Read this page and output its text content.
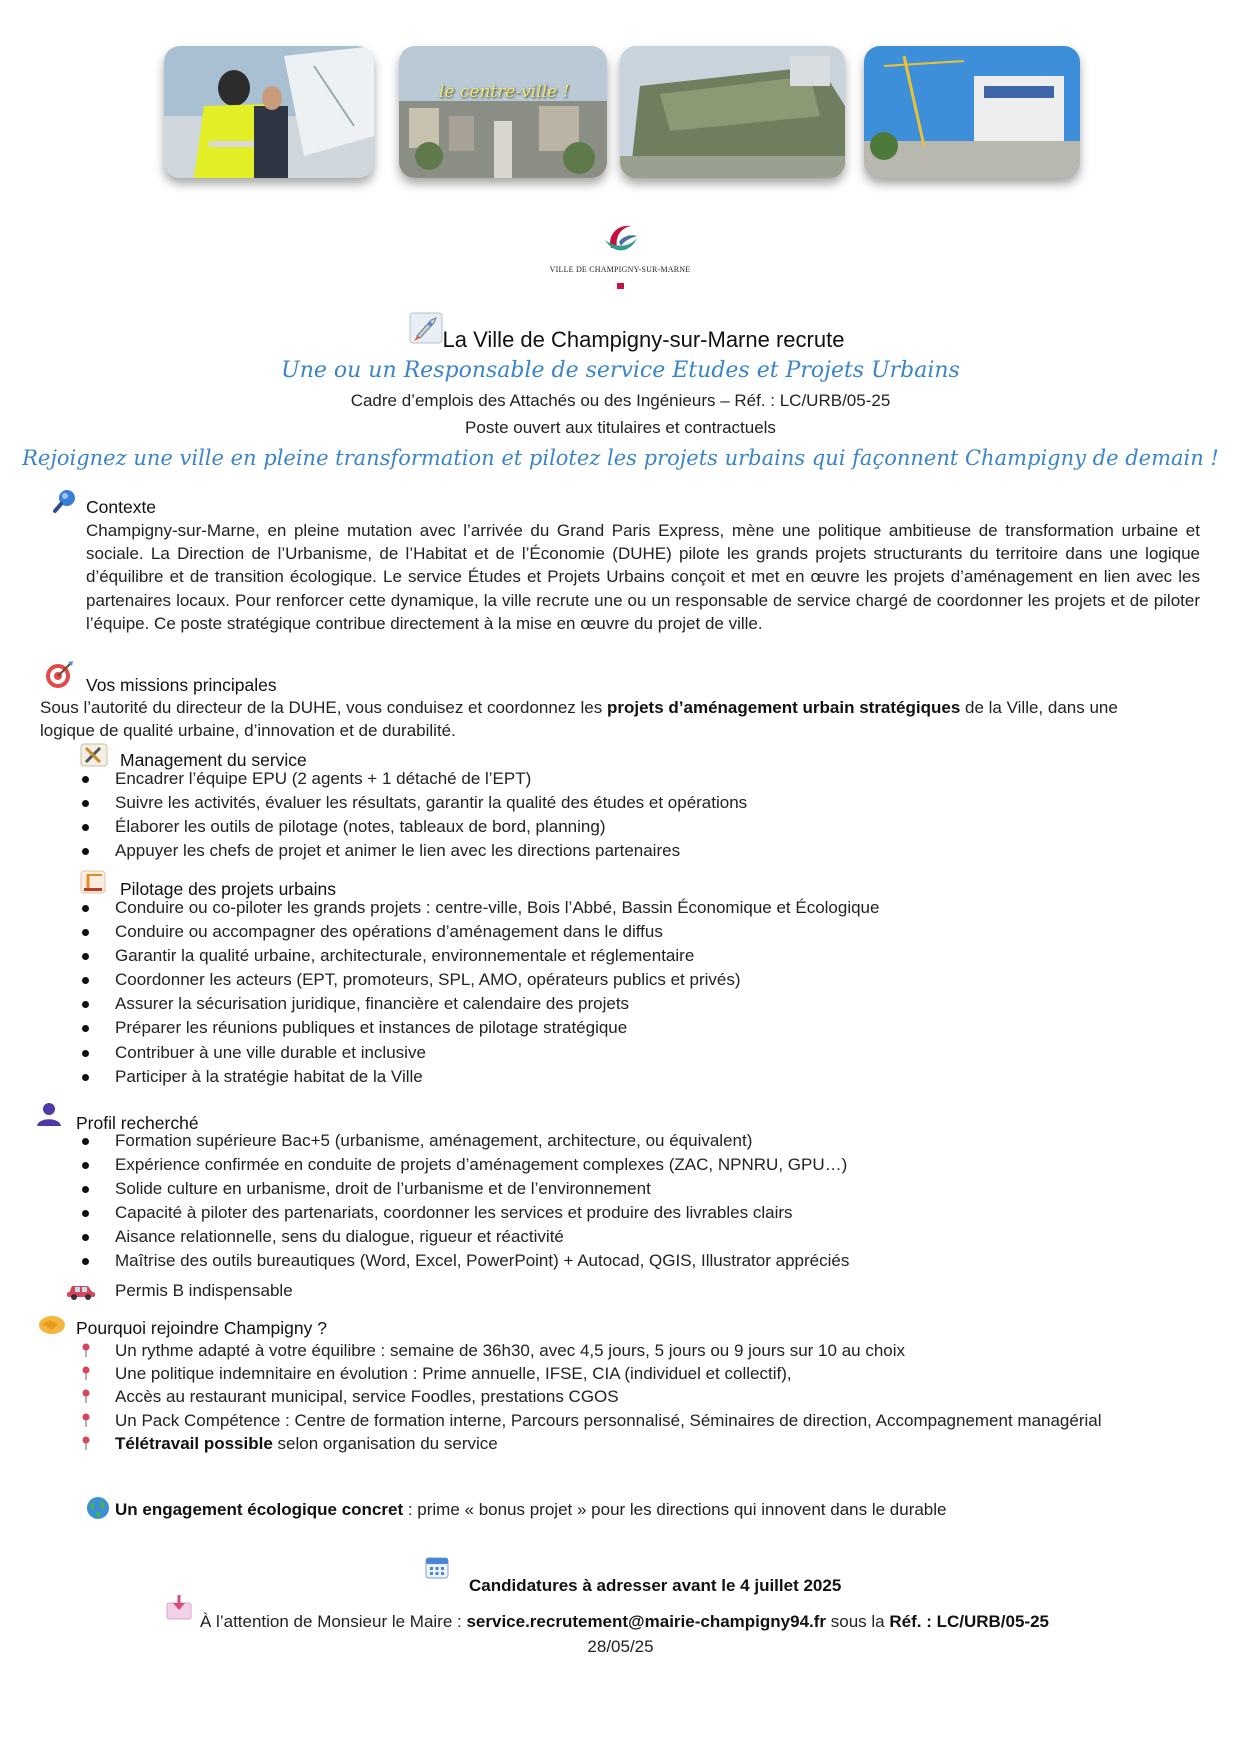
le centre-ville !
VILLE DE CHAMPIGNY-SUR-MARNE
La Ville de Champigny-sur-Marne recrute
Une ou un Responsable de service Etudes et Projets Urbains
Cadre d’emplois des Attachés ou des Ingénieurs – Réf. : LC/URB/05-25
Poste ouvert aux titulaires et contractuels
Rejoignez une ville en pleine transformation et pilotez les projets urbains qui façonnent Champigny de demain !
Contexte
Champigny-sur-Marne, en pleine mutation avec l’arrivée du Grand Paris Express, mène une politique ambitieuse de transformation urbaine et sociale. La Direction de l’Urbanisme, de l’Habitat et de l’Économie (DUHE) pilote les grands projets structurants du territoire dans une logique d’équilibre et de transition écologique. Le service Études et Projets Urbains conçoit et met en œuvre les projets d’aménagement en lien avec les partenaires locaux. Pour renforcer cette dynamique, la ville recrute une ou un responsable de service chargé de coordonner les projets et de piloter l’équipe. Ce poste stratégique contribue directement à la mise en œuvre du projet de ville.
Vos missions principales
Sous l’autorité du directeur de la DUHE, vous conduisez et coordonnez les projets d’aménagement urbain stratégiques de la Ville, dans une
logique de qualité urbaine, d’innovation et de durabilité.
Management du service
Encadrer l’équipe EPU (2 agents + 1 détaché de l’EPT)
Suivre les activités, évaluer les résultats, garantir la qualité des études et opérations
Élaborer les outils de pilotage (notes, tableaux de bord, planning)
Appuyer les chefs de projet et animer le lien avec les directions partenaires
Pilotage des projets urbains
Conduire ou co-piloter les grands projets : centre-ville, Bois l’Abbé, Bassin Économique et Écologique
Conduire ou accompagner des opérations d’aménagement dans le diffus
Garantir la qualité urbaine, architecturale, environnementale et réglementaire
Coordonner les acteurs (EPT, promoteurs, SPL, AMO, opérateurs publics et privés)
Assurer la sécurisation juridique, financière et calendaire des projets
Préparer les réunions publiques et instances de pilotage stratégique
Contribuer à une ville durable et inclusive
Participer à la stratégie habitat de la Ville
Profil recherché
Formation supérieure Bac+5 (urbanisme, aménagement, architecture, ou équivalent)
Expérience confirmée en conduite de projets d’aménagement complexes (ZAC, NPNRU, GPU…)
Solide culture en urbanisme, droit de l’urbanisme et de l’environnement
Capacité à piloter des partenariats, coordonner les services et produire des livrables clairs
Aisance relationnelle, sens du dialogue, rigueur et réactivité
Maîtrise des outils bureautiques (Word, Excel, PowerPoint) + Autocad, QGIS, Illustrator appréciés
Permis B indispensable
Pourquoi rejoindre Champigny ?
Un rythme adapté à votre équilibre : semaine de 36h30, avec 4,5 jours, 5 jours ou 9 jours sur 10 au choix
Une politique indemnitaire en évolution : Prime annuelle, IFSE, CIA (individuel et collectif),
Accès au restaurant municipal, service Foodles, prestations CGOS
Un Pack Compétence : Centre de formation interne, Parcours personnalisé, Séminaires de direction, Accompagnement managérial
Télétravail possible selon organisation du service
Un engagement écologique concret : prime « bonus projet » pour les directions qui innovent dans le durable
Candidatures à adresser avant le 4 juillet 2025
À l’attention de Monsieur le Maire : service.recrutement@mairie-champigny94.fr sous la Réf. : LC/URB/05-25
28/05/25
